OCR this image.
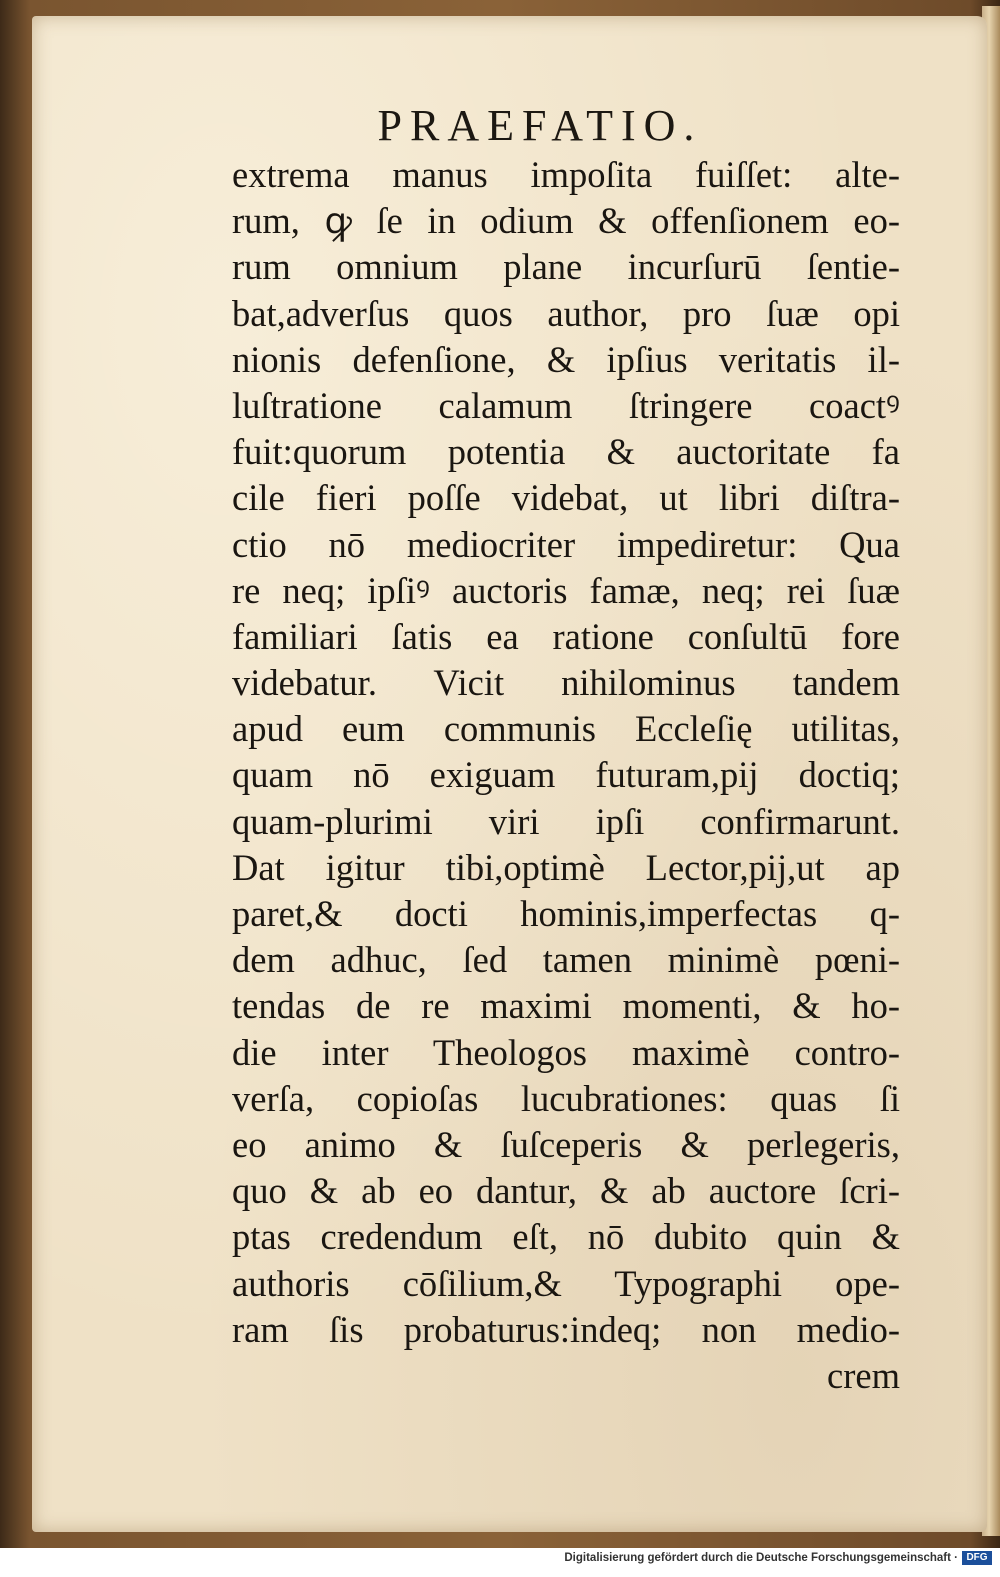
PRAEFATIO.
extrema manus impoſita fuiſſet: alte-
rum, ꝙ ſe in odium & offenſionem eo-
rum omnium plane incurſurū ſentie-
bat,adverſus quos author, pro ſuæ opi
nionis defenſione, & ipſius veritatis il-
luſtratione calamum ſtringere coactꝰ
fuit:quorum potentia & auctoritate fa
cile fieri poſſe videbat, ut libri diſtra-
ctio nō mediocriter impediretur: Qua
re neq; ipſiꝰ auctoris famæ, neq; rei ſuæ
familiari ſatis ea ratione conſultū fore
videbatur. Vicit nihilominus tandem
apud eum communis Eccleſię utilitas,
quam nō exiguam futuram,pij doctiq;
quam-plurimi viri ipſi confirmarunt.
Dat igitur tibi,optimè Lector,pij,ut ap
paret,& docti hominis,imperfectas q-
dem adhuc, ſed tamen minimè pœni-
tendas de re maximi momenti, & ho-
die inter Theologos maximè contro-
verſa, copioſas lucubrationes: quas ſi
eo animo & ſuſceperis & perlegeris,
quo & ab eo dantur, & ab auctore ſcri-
ptas credendum eſt, nō dubito quin &
authoris cōſilium,& Typographi ope-
ram ſis probaturus:indeq; non medio-
crem
Digitalisierung gefördert durch die Deutsche Forschungsgemeinschaft · DFG
